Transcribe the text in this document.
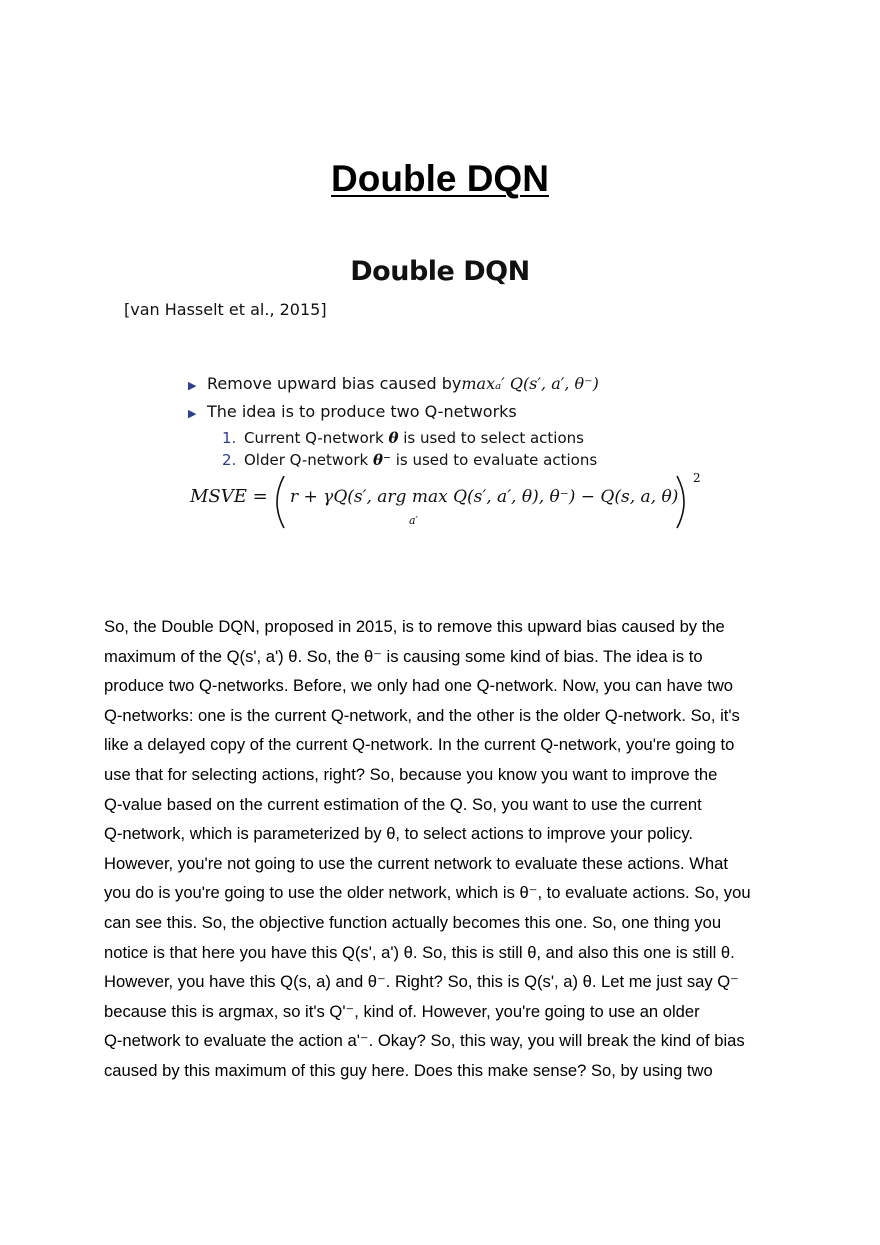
Double DQN
Double DQN
[van Hasselt et al., 2015]
▶ Remove upward bias caused by maxₐ′ Q(s′, a′, θ⁻)
▶ The idea is to produce two Q-networks
1. Current Q-network θ is used to select actions
2. Older Q-network θ⁻ is used to evaluate actions
MSVE = r + γQ(s′, arg max Q(s′, a′, θ), θ⁻) − Q(s, a, θ)
a′
2
So, the Double DQN, proposed in 2015, is to remove this upward bias caused by the
maximum of the Q(s', a') θ. So, the θ⁻ is causing some kind of bias. The idea is to
produce two Q-networks. Before, we only had one Q-network. Now, you can have two
Q-networks: one is the current Q-network, and the other is the older Q-network. So, it's
like a delayed copy of the current Q-network. In the current Q-network, you're going to
use that for selecting actions, right? So, because you know you want to improve the
Q-value based on the current estimation of the Q. So, you want to use the current
Q-network, which is parameterized by θ, to select actions to improve your policy.
However, you're not going to use the current network to evaluate these actions. What
you do is you're going to use the older network, which is θ⁻, to evaluate actions. So, you
can see this. So, the objective function actually becomes this one. So, one thing you
notice is that here you have this Q(s', a') θ. So, this is still θ, and also this one is still θ.
However, you have this Q(s, a) and θ⁻. Right? So, this is Q(s', a) θ. Let me just say Q⁻
because this is argmax, so it's Q'⁻, kind of. However, you're going to use an older
Q-network to evaluate the action a'⁻. Okay? So, this way, you will break the kind of bias
caused by this maximum of this guy here. Does this make sense? So, by using two
